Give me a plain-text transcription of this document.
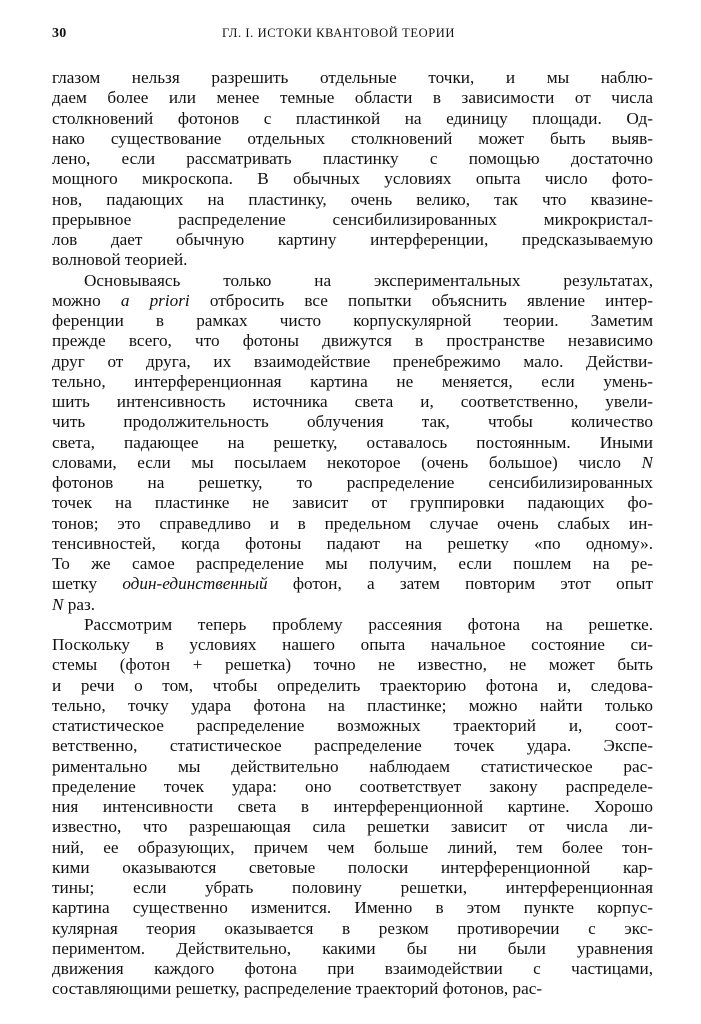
30	ГЛ. I. ИСТОКИ КВАНТОВОЙ ТЕОРИИ
глазом нельзя разрешить отдельные точки, и мы наблю-
даем более или менее темные области в зависимости от числа
столкновений фотонов с пластинкой на единицу площади. Од-
нако существование отдельных столкновений может быть выяв-
лено, если рассматривать пластинку с помощью достаточно
мощного микроскопа. В обычных условиях опыта число фото-
нов, падающих на пластинку, очень велико, так что квазине-
прерывное распределение сенсибилизированных микрокристал-
лов дает обычную картину интерференции, предсказываемую
волновой теорией.
Основываясь только на экспериментальных результатах,
можно a priori отбросить все попытки объяснить явление интер-
ференции в рамках чисто корпускулярной теории. Заметим
прежде всего, что фотоны движутся в пространстве независимо
друг от друга, их взаимодействие пренебрежимо мало. Действи-
тельно, интерференционная картина не меняется, если умень-
шить интенсивность источника света и, соответственно, увели-
чить продолжительность облучения так, чтобы количество
света, падающее на решетку, оставалось постоянным. Иными
словами, если мы посылаем некоторое (очень большое) число N
фотонов на решетку, то распределение сенсибилизированных
точек на пластинке не зависит от группировки падающих фо-
тонов; это справедливо и в предельном случае очень слабых ин-
тенсивностей, когда фотоны падают на решетку «по одному».
То же самое распределение мы получим, если пошлем на ре-
шетку один-единственный фотон, а затем повторим этот опыт
N раз.
Рассмотрим теперь проблему рассеяния фотона на решетке.
Поскольку в условиях нашего опыта начальное состояние си-
стемы (фотон + решетка) точно не известно, не может быть
и речи о том, чтобы определить траекторию фотона и, следова-
тельно, точку удара фотона на пластинке; можно найти только
статистическое распределение возможных траекторий и, соот-
ветственно, статистическое распределение точек удара. Экспе-
риментально мы действительно наблюдаем статистическое рас-
пределение точек удара: оно соответствует закону распределе-
ния интенсивности света в интерференционной картине. Хорошо
известно, что разрешающая сила решетки зависит от числа ли-
ний, ее образующих, причем чем больше линий, тем более тон-
кими оказываются световые полоски интерференционной кар-
тины; если убрать половину решетки, интерференционная
картина существенно изменится. Именно в этом пункте корпус-
кулярная теория оказывается в резком противоречии с экс-
периментом. Действительно, какими бы ни были уравнения
движения каждого фотона при взаимодействии с частицами,
составляющими решетку, распределение траекторий фотонов, рас-
